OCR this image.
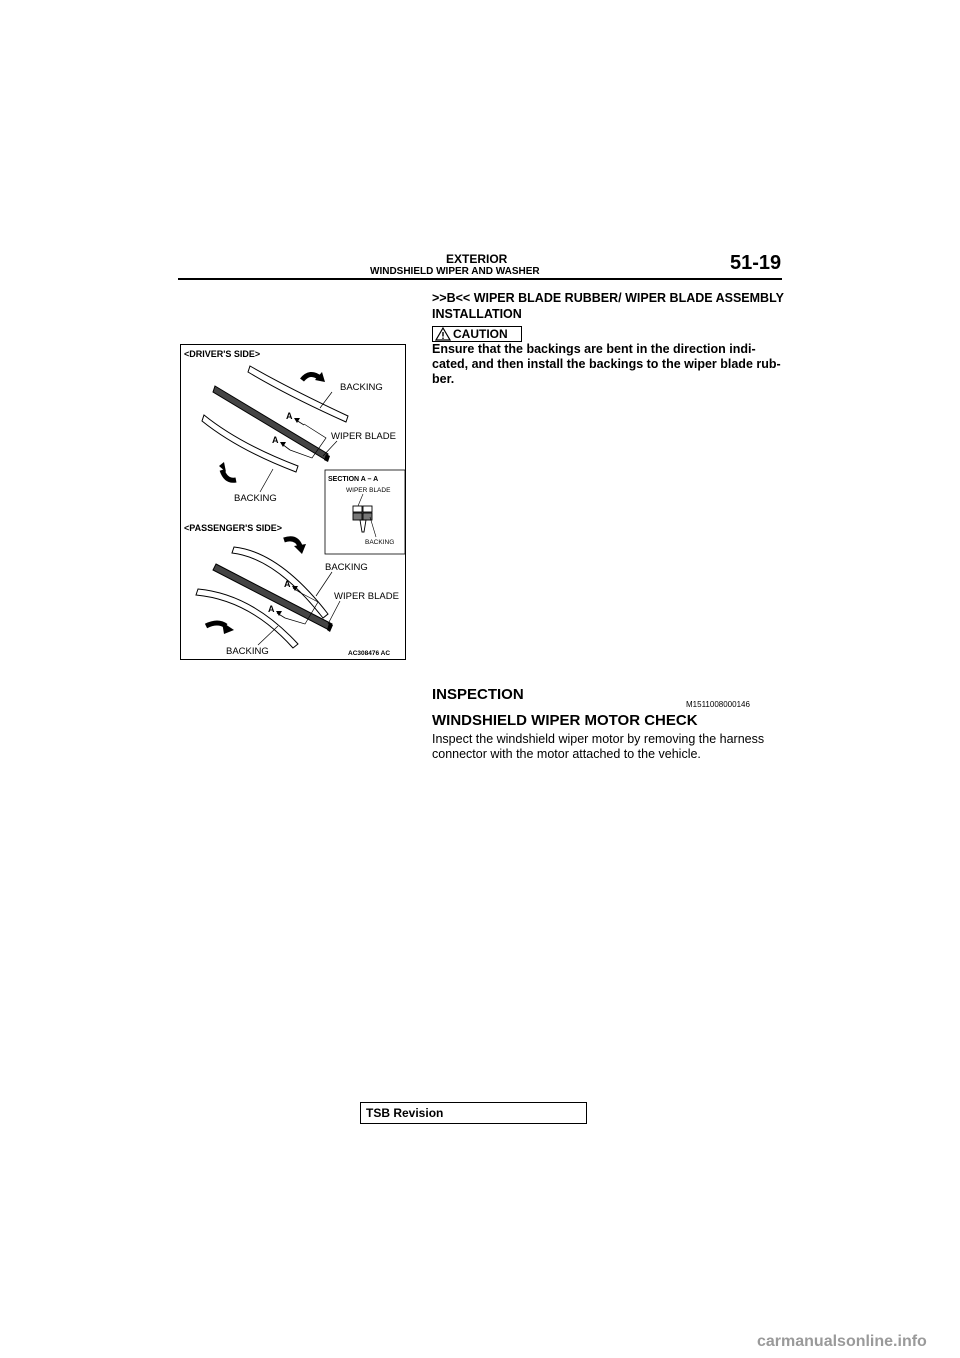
EXTERIOR
WINDSHIELD WIPER AND WASHER	51-19
>>B<< WIPER BLADE RUBBER/ WIPER BLADE ASSEMBLY INSTALLATION
CAUTION
Ensure that the backings are bent in the direction indi-cated, and then install the backings to the wiper blade rub-ber.
<DRIVER'S SIDE>
BACKING
WIPER BLADE
BACKING
A
A
SECTION A – A
WIPER BLADE
BACKING
<PASSENGER'S SIDE>
BACKING
WIPER BLADE
BACKING
A
A
AC308476 AC
INSPECTION
M1511008000146
WINDSHIELD WIPER MOTOR CHECK
Inspect the windshield wiper motor by removing the harness connector with the motor attached to the vehicle.
TSB Revision
carmanualsonline.info
